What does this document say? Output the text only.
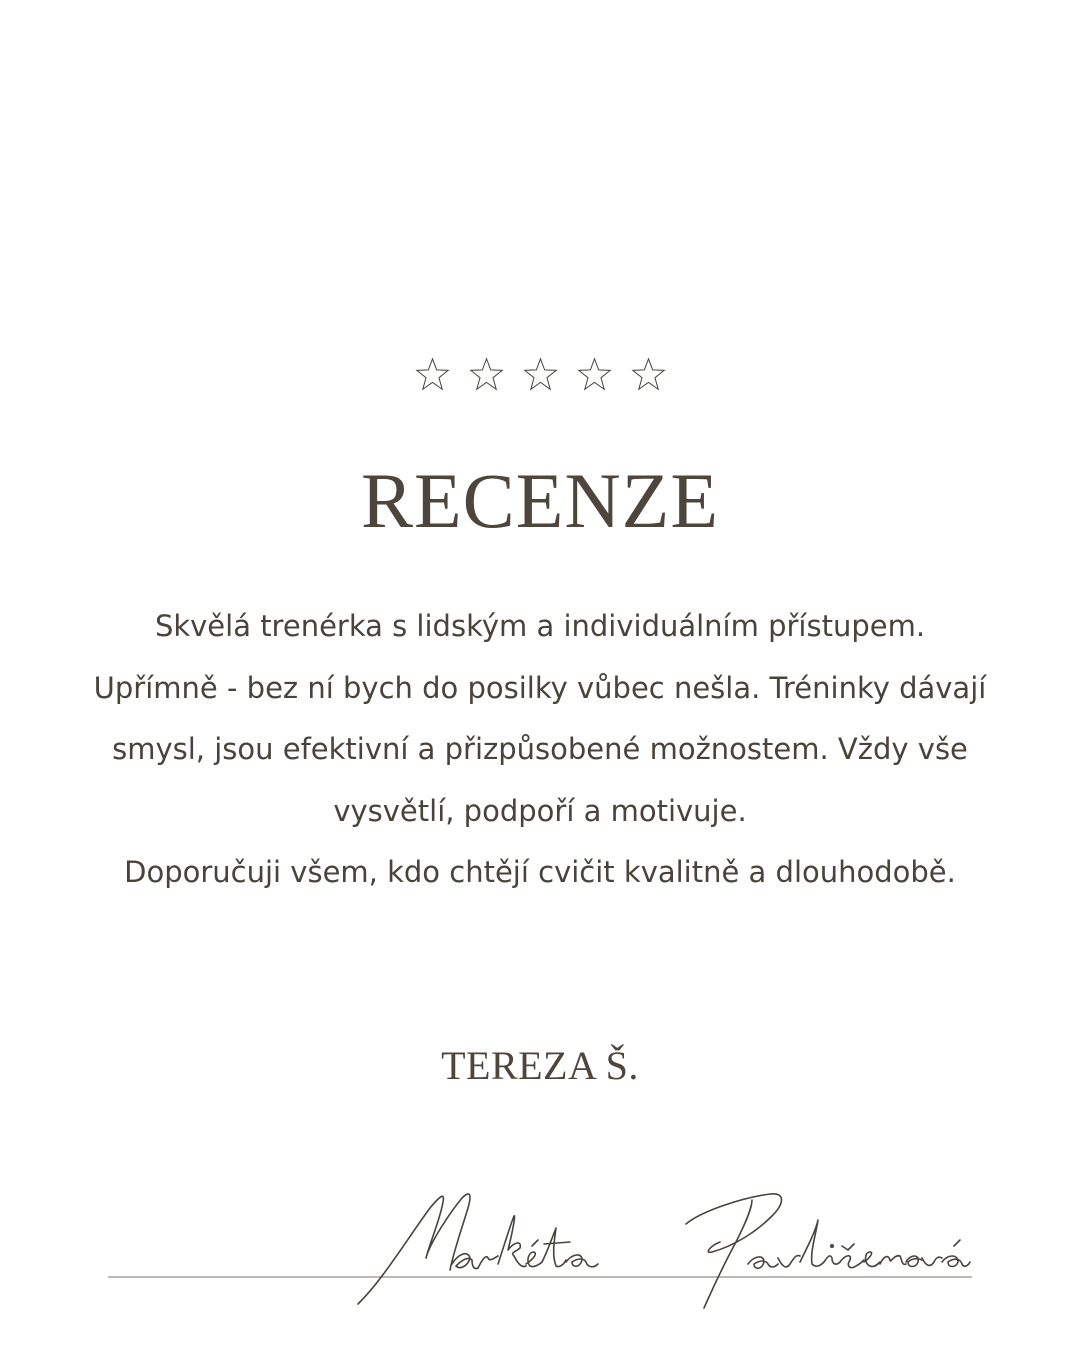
RECENZE
Skvělá trenérka s lidským a individuálním přístupem.
Upřímně - bez ní bych do posilky vůbec nešla. Tréninky dávají
smysl, jsou efektivní a přizpůsobené možnostem. Vždy vše
vysvětlí, podpoří a motivuje.
Doporučuji všem, kdo chtějí cvičit kvalitně a dlouhodobě.
TEREZA Š.
